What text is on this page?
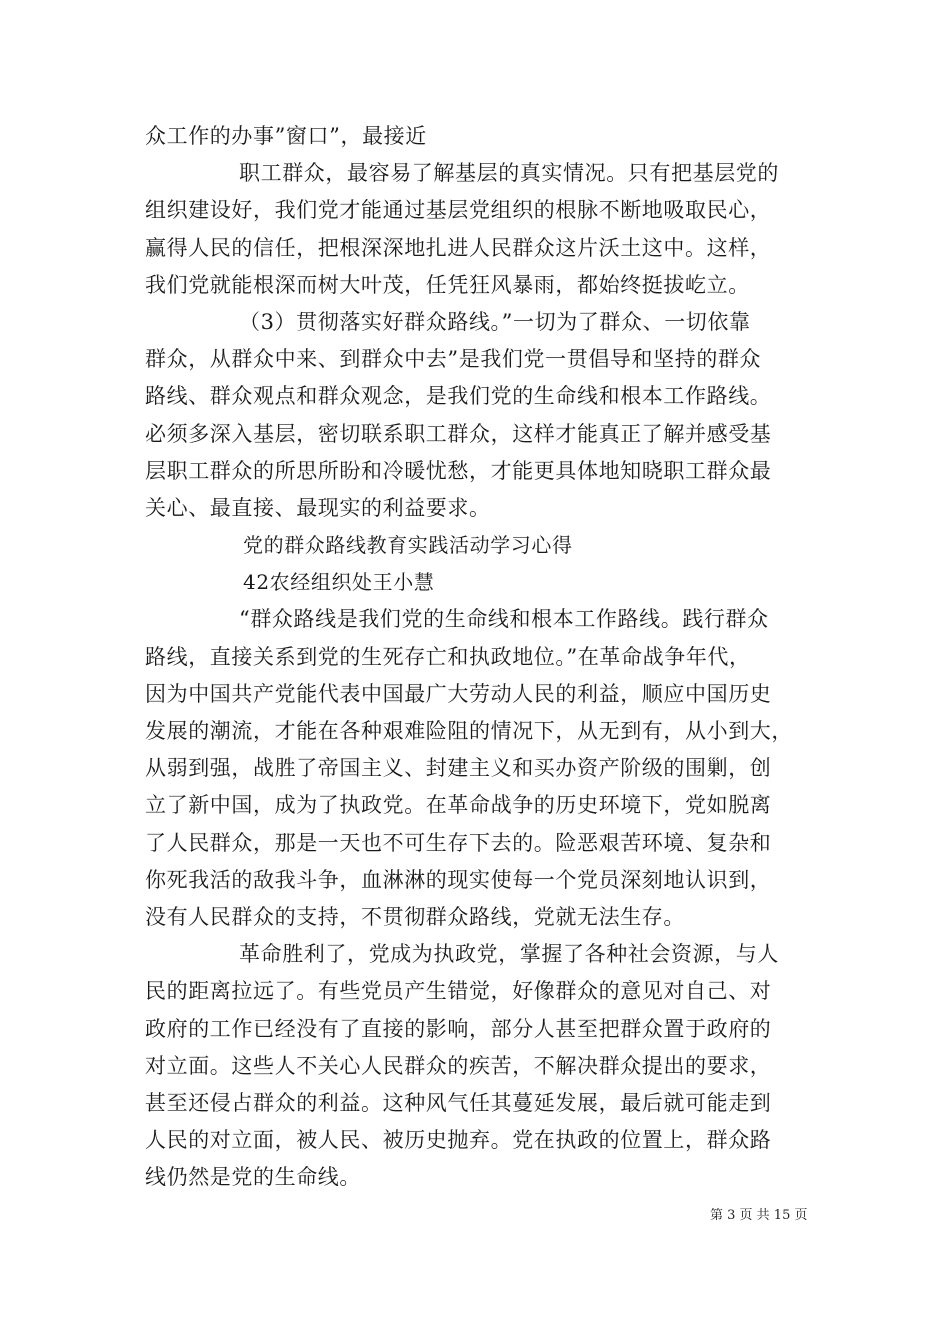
众工作的办事”窗口”，最接近
职工群众，最容易了解基层的真实情况。只有把基层党的
组织建设好，我们党才能通过基层党组织的根脉不断地吸取民心，
赢得人民的信任，把根深深地扎进人民群众这片沃土这中。这样，
我们党就能根深而树大叶茂，任凭狂风暴雨，都始终挺拔屹立。
（3）贯彻落实好群众路线。”一切为了群众、一切依靠
群众，从群众中来、到群众中去”是我们党一贯倡导和坚持的群众
路线、群众观点和群众观念，是我们党的生命线和根本工作路线。
必须多深入基层，密切联系职工群众，这样才能真正了解并感受基
层职工群众的所思所盼和冷暖忧愁，才能更具体地知晓职工群众最
关心、最直接、最现实的利益要求。
党的群众路线教育实践活动学习心得
42农经组织处王小慧
“群众路线是我们党的生命线和根本工作路线。践行群众
路线，直接关系到党的生死存亡和执政地位。”在革命战争年代，
因为中国共产党能代表中国最广大劳动人民的利益，顺应中国历史
发展的潮流，才能在各种艰难险阻的情况下，从无到有，从小到大，
从弱到强，战胜了帝国主义、封建主义和买办资产阶级的围剿，创
立了新中国，成为了执政党。在革命战争的历史环境下，党如脱离
了人民群众，那是一天也不可生存下去的。险恶艰苦环境、复杂和
你死我活的敌我斗争，血淋淋的现实使每一个党员深刻地认识到，
没有人民群众的支持，不贯彻群众路线，党就无法生存。
革命胜利了，党成为执政党，掌握了各种社会资源，与人
民的距离拉远了。有些党员产生错觉，好像群众的意见对自己、对
政府的工作已经没有了直接的影响，部分人甚至把群众置于政府的
对立面。这些人不关心人民群众的疾苦，不解决群众提出的要求，
甚至还侵占群众的利益。这种风气任其蔓延发展，最后就可能走到
人民的对立面，被人民、被历史抛弃。党在执政的位置上，群众路
线仍然是党的生命线。
第 3 页 共 15 页
